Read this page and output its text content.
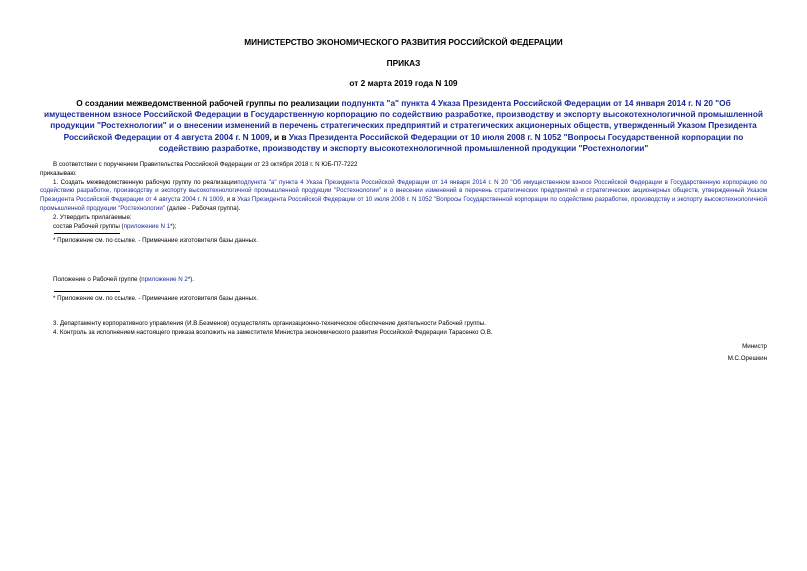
МИНИСТЕРСТВО ЭКОНОМИЧЕСКОГО РАЗВИТИЯ РОССИЙСКОЙ ФЕДЕРАЦИИ
ПРИКАЗ
от 2 марта 2019 года N 109
О создании межведомственной рабочей группы по реализации подпункта "а" пункта 4 Указа Президента Российской Федерации от 14 января 2014 г. N 20 "Об имущественном взносе Российской Федерации в Государственную корпорацию по содействию разработке, производству и экспорту высокотехнологичной промышленной продукции "Ростехнологии" и о внесении изменений в перечень стратегических предприятий и стратегических акционерных обществ, утвержденный Указом Президента Российской Федерации от 4 августа 2004 г. N 1009, и в Указ Президента Российской Федерации от 10 июля 2008 г. N 1052 "Вопросы Государственной корпорации по содействию разработке, производству и экспорту высокотехнологичной промышленной продукции "Ростехнологии"
В соответствии с поручением Правительства Российской Федерации от 23 октября 2018 г. N ЮБ-П7-7222
приказываю:
1. Создать межведомственную рабочую группу по реализацииподпункта "а" пункта 4 Указа Президента Российской Федерации от 14 января 2014 г. N 20 "Об имущественном взносе Российской Федерации в Государственную корпорацию по содействию разработке, производству и экспорту высокотехнологичной промышленной продукции "Ростехнологии" и о внесении изменений в перечень стратегических предприятий и стратегических акционерных обществ, утвержденный Указом Президента Российской Федерации от 4 августа 2004 г. N 1009, и в Указ Президента Российской Федерации от 10 июля 2008 г. N 1052 "Вопросы Государственной корпорации по содействию разработке, производству и экспорту высокотехнологичной промышленной продукции "Ростехнологии" (далее - Рабочая группа).
2. Утвердить прилагаемые:
состав Рабочей группы (приложение N 1*);
* Приложение см. по ссылке. - Примечание изготовителя базы данных.
Положение о Рабочей группе (приложение N 2*).
* Приложение см. по ссылке. - Примечание изготовителя базы данных.
3. Департаменту корпоративного управления (И.В.Безменов) осуществлять организационно-техническое обеспечение деятельности Рабочей группы.
4. Контроль за исполнением настоящего приказа возложить на заместителя Министра экономического развития Российской Федерации Тарасенко О.В.
Министр
М.С.Орешкин
